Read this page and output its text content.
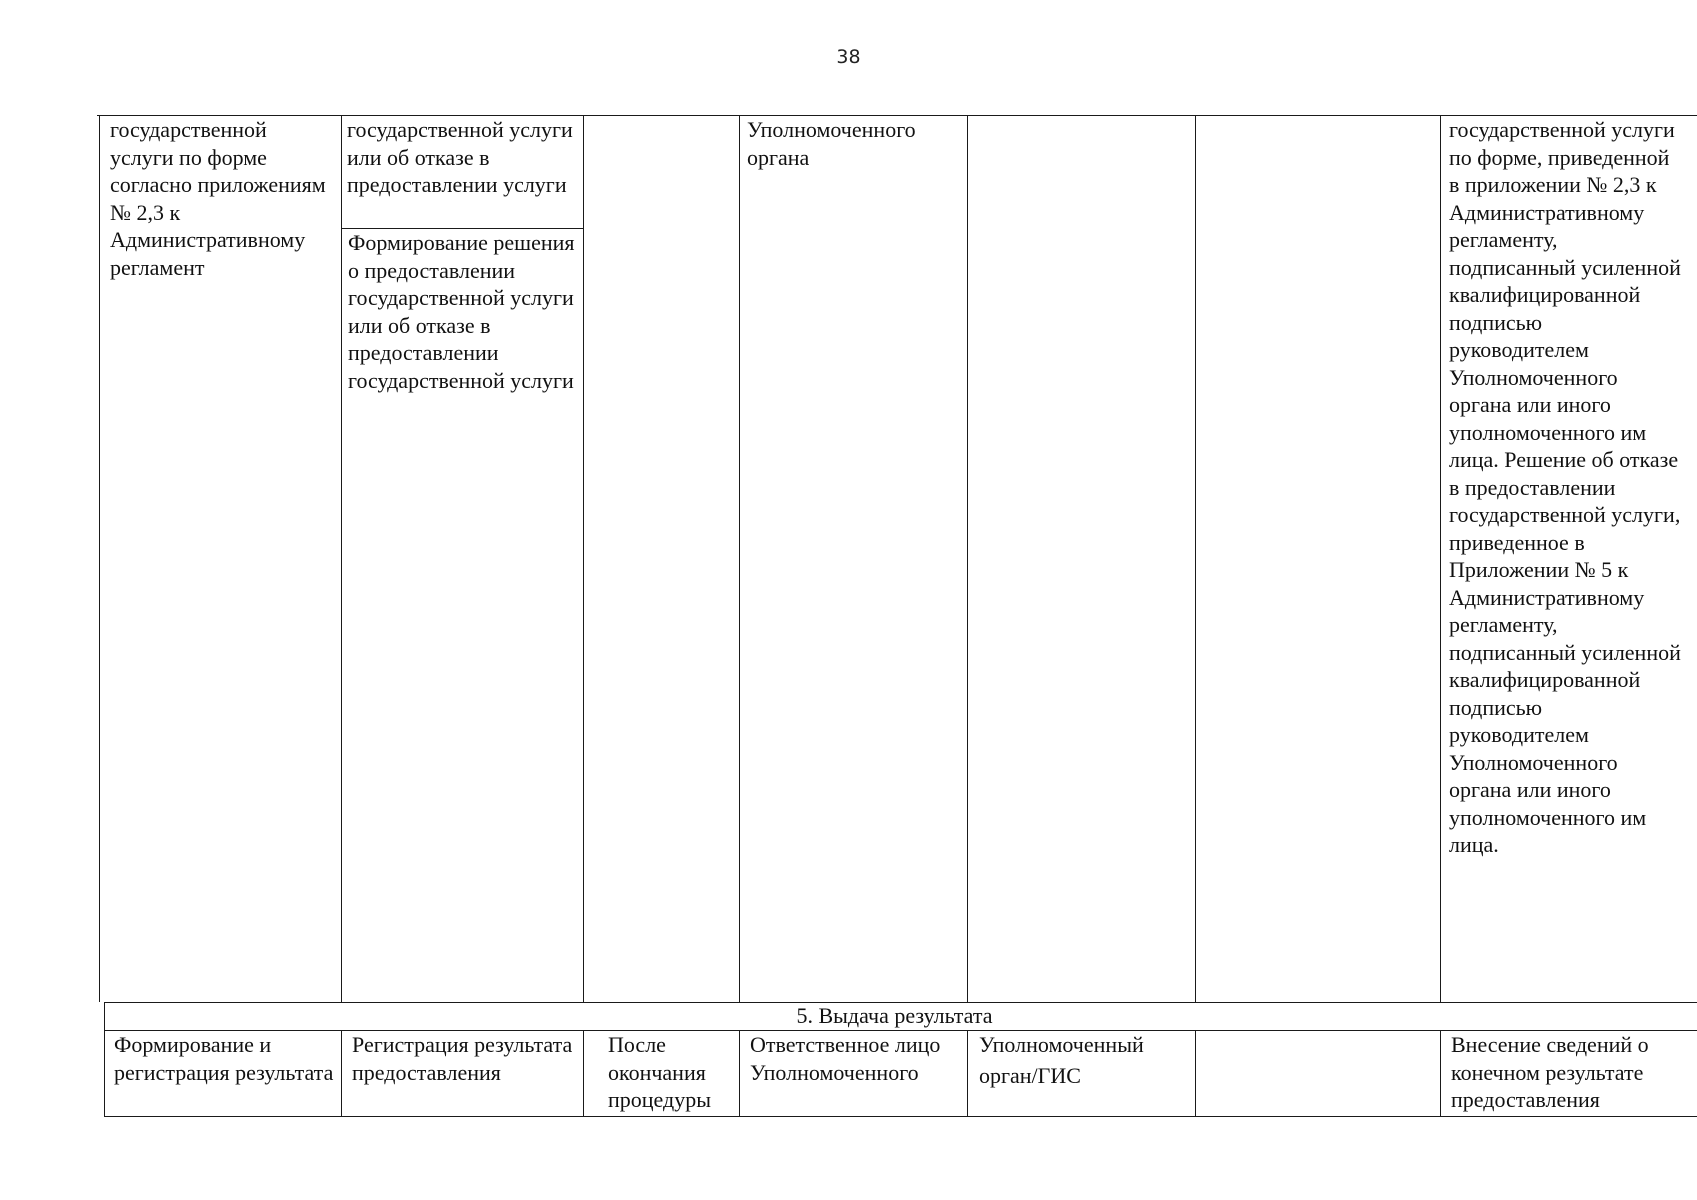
38
государственной услуги по форме согласно приложениям № 2,3 к Административному регламент
государственной услуги или об отказе в предоставлении услуги
Формирование решения о предоставлении государственной услуги или об отказе в предоставлении государственной услуги
Уполномоченного органа
государственной услуги по форме, приведенной в приложении № 2,3 к Административному регламенту, подписанный усиленной квалифицированной подписью руководителем Уполномоченного органа или иного уполномоченного им лица. Решение об отказе в предоставлении государственной услуги, приведенное в Приложении № 5 к Административному регламенту, подписанный усиленной квалифицированной подписью руководителем Уполномоченного органа или иного уполномоченного им лица.
5. Выдача результата
Формирование и регистрация результата
Регистрация результата предоставления
После окончания процедуры
Ответственное лицо Уполномоченного
Уполномоченный орган/ГИС
Внесение сведений о конечном результате предоставления
